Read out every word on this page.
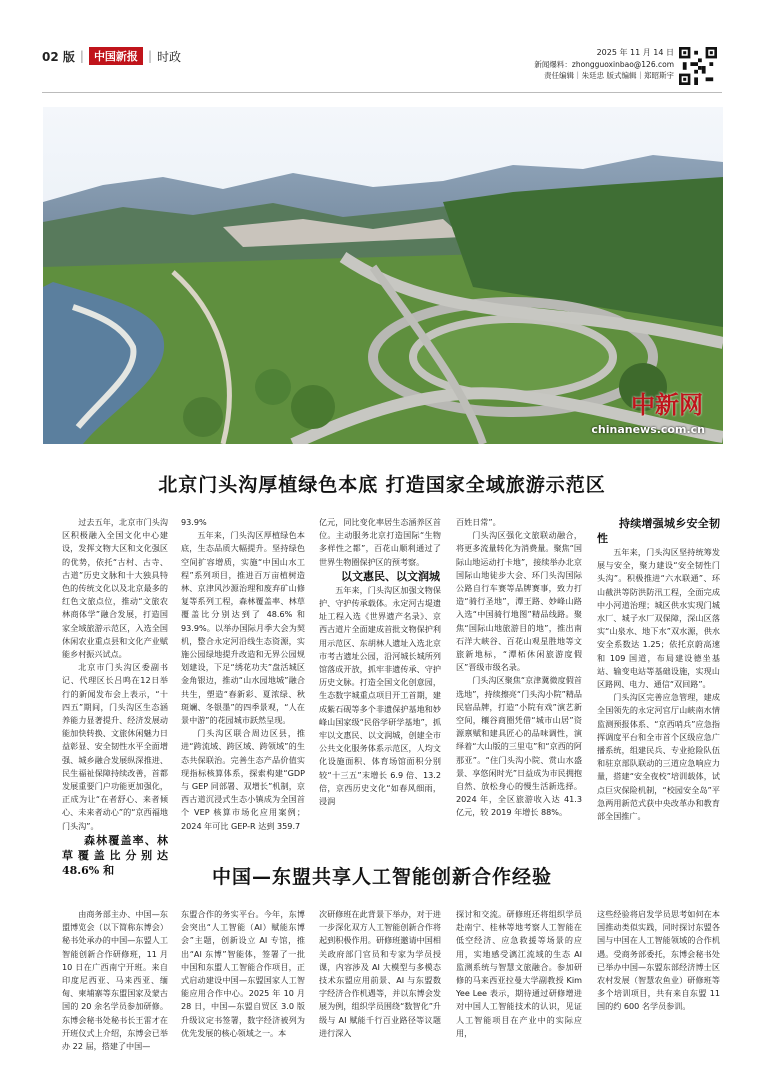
02 版 | 中国新报 | 时政	2025 年 11 月 14 日
新闻爆料：zhongguoxinbao@126.com
责任编辑｜朱廷忠 版式编辑｜郑昭斯宇
中新网
chinanews.com.cn
北京门头沟厚植绿色本底 打造国家全域旅游示范区

过去五年，北京市门头沟区积极融入全国文化中心建设，发挥文物大区和文化强区的优势，依托“古村、古寺、古道”历史文脉和十大独具特色的传统文化以及北京最多的红色文旅点位，推动“文旅农林商体学”融合发展，打造国家全域旅游示范区，入选全国休闲农业重点县和文化产业赋能乡村振兴试点。

北京市门头沟区委副书记、代理区长吕鸣在12日举行的新闻发布会上表示，“十四五”期间，门头沟区生态涵养能力显著提升、经济发展动能加快转换、文旅休闲魅力日益彰显、安全韧性水平全面增强、城乡融合发展纵深推进、民生福祉保障持续改善，首都发展重要门户功能更加强化，正成为让“在者舒心、来者倾心、未来者动心”的“京西福地门头沟”。

森林覆盖率、林草覆盖比分别达 48.6% 和

93.9%

五年来，门头沟区厚植绿色本底，生态品质大幅提升。坚持绿色空间扩容增质，实施“中国山水工程”系列项目，推进百万亩植树造林、京津风沙源治理和废弃矿山修复等系列工程，森林覆盖率、林草覆盖比分别达到了 48.6% 和 93.9%。以举办国际月季大会为契机，整合永定河沿线生态资源，实施公园绿地提升改造和无界公园规划建设，下足“绣花功夫”盘活城区金角银边，推动“山水园地城”融合共生，塑造“春新彩、夏浓绿、秋斑斓、冬银墨”的四季景观，“人在景中游”的花园城市跃然呈现。

门头沟区联合周边区县，推进“跨流域、跨区域、跨领域”的生态共保联治。完善生态产品价值实现指标核算体系，探索构建“GDP 与 GEP 同部署、双增长”机制，京西古道沉浸式生态小镇成为全国首个 VEP 核算市场化应用案例；2024 年可比 GEP-R 达到 359.7

亿元，同比变化率居生态涵养区首位。主动服务北京打造国际“生物多样性之都”，百花山顺利通过了世界生物圈保护区的预考察。

以文惠民、以文润城

五年来，门头沟区加强文物保护、守护传承载体。永定河古堤遗址工程入选《世界遗产名录》、京西古道片全面建成首批文物保护利用示范区、东胡林人遗址入选北京市考古遗址公园，沿河城长城所列馆落成开放，抓牢非遗传承、守护历史文脉。打造全国文化创意园，生态数字城重点项目开工首期，建成紫石砚等多个非遗保护基地和妙峰山国家级“民俗学研学基地”，抓牢以文惠民、以文润城，创建全市公共文化服务体系示范区，人均文化设施面积、体育场馆面积分别较“十三五”末增长 6.9 倍、13.2 倍，京西历史文化“如春风细雨，浸润

百姓日常”。

门头沟区强化文旅联动融合，将更多流量转化为消费量。聚焦“国际山地运动打卡地”，接续举办北京国际山地徒步大会、环门头沟国际公路自行车赛等品牌赛事，致力打造“骑行圣地”，潭王路、妙峰山路入选“中国骑行地图”精品线路。聚焦“国际山地旅游目的地”，推出南石洋大峡谷、百花山观星胜地等文旅新地标，“潭柘休闲旅游度假区”晋级市级名录。

门头沟区聚焦“京津冀微度假首选地”，持续擦亮“门头沟小院”精品民宿品牌，打造“小院有戏”演艺新空间，穰谷商圈凭借“城市山居”资源禀赋和建具匠心的品味调性，演绎着“大山版的三里屯”和“京西的阿那亚”。“住门头沟小院、赏山水盛景、享悠闲时光”日益成为市民拥抱自然、放松身心的慢生活新选择。2024 年，全区旅游收入达 41.3 亿元，较 2019 年增长 88%。

持续增强城乡安全韧性

五年来，门头沟区坚持统筹发展与安全，聚力建设“安全韧性门头沟”。积极推进“六水联通”、环山截洪等防洪防汛工程，全面完成中小河道治理；城区供水实现门城水厂、城子水厂双保障，深山区落实“山泉水、地下水”双水源，供水安全系数达 1.25；依托京蔚高速和 109 国道，布局建设德坐基站、输变电站等基础设施，实现山区路网、电力、通信“双回路”。

门头沟区完善应急管理，建成全国领先的永定河官厅山峡南水情监测预报体系、“京西哨兵”应急指挥调度平台和全市首个区级应急广播系统，组建民兵、专业抢险队伍和驻京部队联动的三道应急响应力量，搭建“安全夜校”培训载体，试点巨灾保险机制，“校园安全岛”平急两用新范式获中央改革办和教育部全国推广。

中国—东盟共享人工智能创新合作经验

由商务部主办、中国—东盟博览会（以下简称东博会）秘书处承办的中国—东盟人工智能创新合作研修班，11 月 10 日在广西南宁开班。来自印度尼西亚、马来西亚、缅甸、柬埔寨等东盟国家及蒙古国的 20 余名学员参加研修。东博会秘书处秘书长王雷才在开班仪式上介绍，东博会已举办 22 届，搭建了中国—

东盟合作的务实平台。今年，东博会突出“人工智能（AI）赋能东博会”主题，创新设立 AI 专馆，推出“AI 东博”智能体，签署了一批中国和东盟人工智能合作项目，正式启动建设中国—东盟国家人工智能应用合作中心。2025 年 10 月 28 日，中国—东盟自贸区 3.0 版升级议定书签署，数字经济被列为优先发展的核心领域之一。本

次研修班在此背景下举办，对于进一步深化双方人工智能创新合作将起到积极作用。研修班邀请中国相关政府部门官员和专家为学员授课，内容涉及 AI 大模型与多模态技术东盟应用前景、AI 与东盟数字经济合作机遇等，并以东博会发展为例，组织学员围绕“数智化”升级与 AI 赋能千行百业路径等议题进行深入

探讨和交流。研修班还将组织学员赴南宁、桂林等地考察人工智能在低空经济、应急救援等场景的应用，实地感受漓江流域的生态 AI 监测系统与智慧文旅融合。参加研修的马来西亚拉曼大学副教授 Kim Yee Lee 表示，期待通过研修增进对中国人工智能技术的认识，见证人工智能项目在产业中的实际应用，

这些经验将启发学员思考如何在本国推动类似实践，同时探讨东盟各国与中国在人工智能领域的合作机遇。受商务部委托，东博会秘书处已举办中国—东盟东部经济博士区农村发展（智慧农鱼业）研修班等多个培训项目，共有来自东盟 11 国的约 600 名学员参训。
